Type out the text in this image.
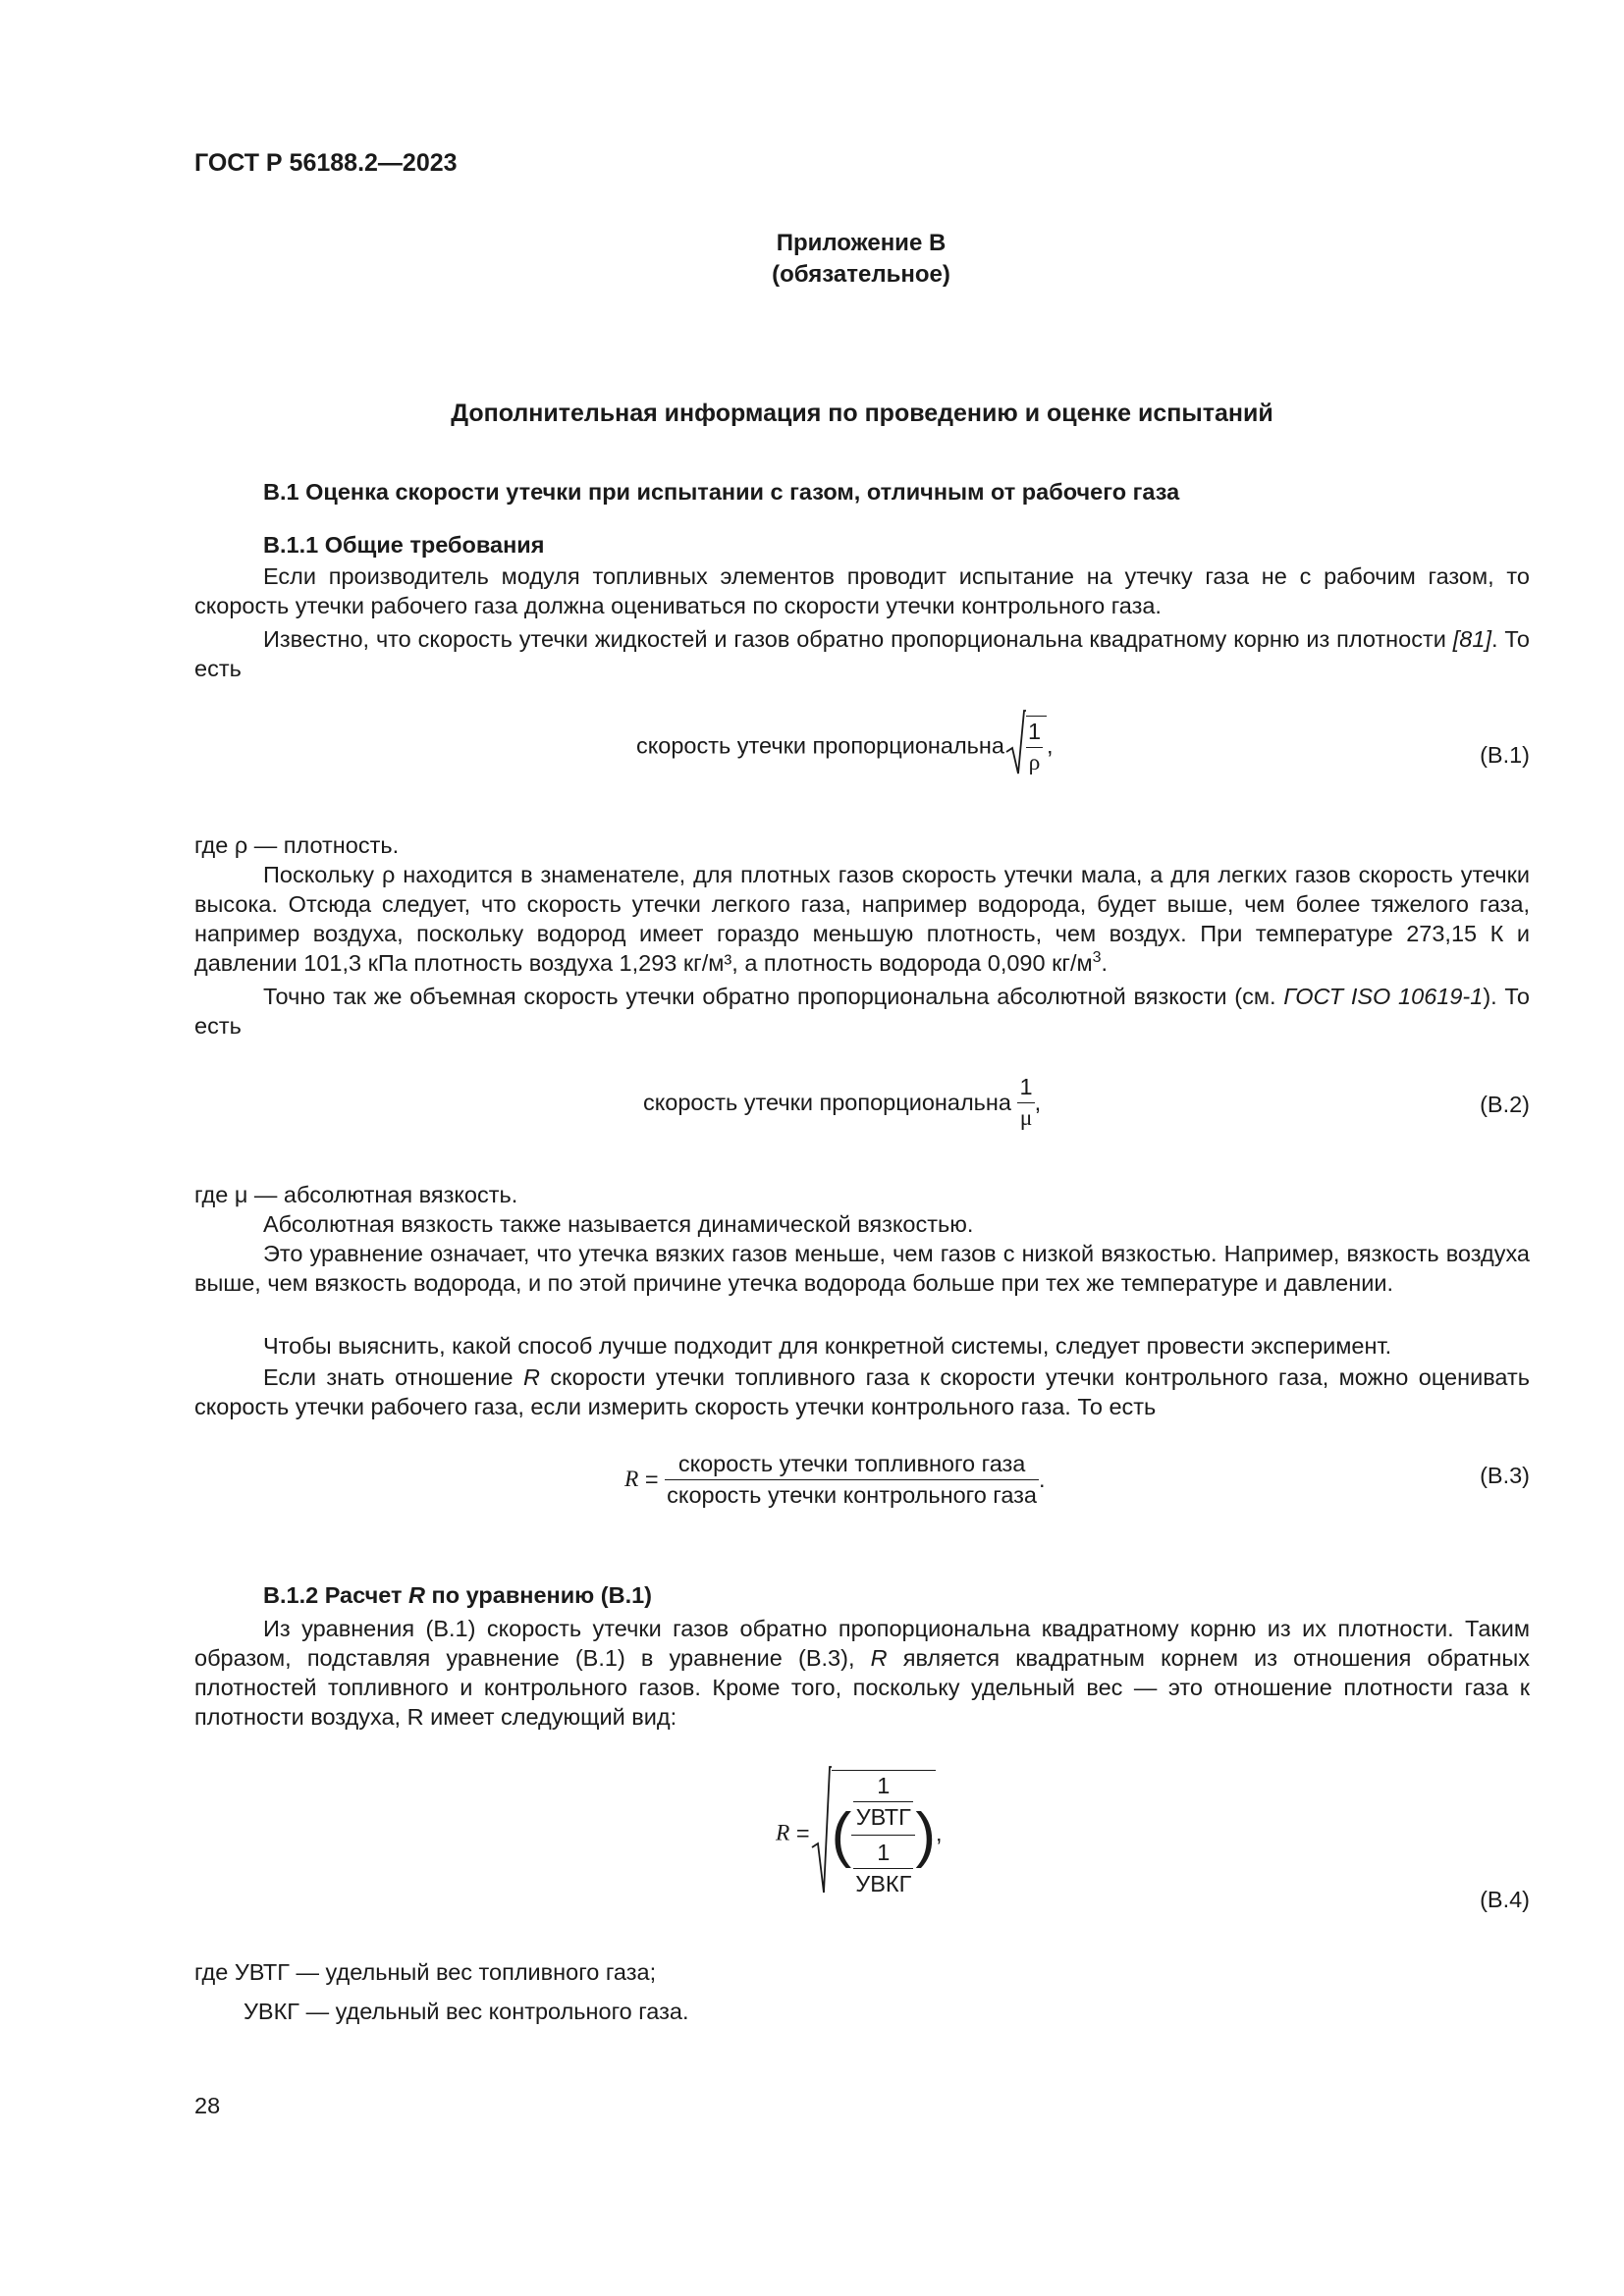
ГОСТ Р 56188.2—2023
Приложение В
(обязательное)
Дополнительная информация по проведению и оценке испытаний
В.1 Оценка скорости утечки при испытании с газом, отличным от рабочего газа
В.1.1 Общие требования
Если производитель модуля топливных элементов проводит испытание на утечку газа не с рабочим газом, то скорость утечки рабочего газа должна оцениваться по скорости утечки контрольного газа.
Известно, что скорость утечки жидкостей и газов обратно пропорциональна квадратному корню из плотности [81]. То есть
скорость утечки пропорциональна $\frac{1}{\rho}$ ,	(В.1)
где ρ — плотность.
Поскольку ρ находится в знаменателе, для плотных газов скорость утечки мала, а для легких газов скорость утечки высока. Отсюда следует, что скорость утечки легкого газа, например водорода, будет выше, чем более тяжелого газа, например воздуха, поскольку водород имеет гораздо меньшую плотность, чем воздух. При температуре 273,15 К и давлении 101,3 кПа плотность воздуха 1,293 кг/м³, а плотность водорода 0,090 $кг/м^3$.
Точно так же объемная скорость утечки обратно пропорциональна абсолютной вязкости (см. ГОСТ ISO 10619-1). То есть
скорость утечки пропорциональна $\frac{1}{\mu}$ ,	(В.2)
где μ — абсолютная вязкость.
Абсолютная вязкость также называется динамической вязкостью.
Это уравнение означает, что утечка вязких газов меньше, чем газов с низкой вязкостью. Например, вязкость воздуха выше, чем вязкость водорода, и по этой причине утечка водорода больше при тех же температуре и давлении.
Чтобы выяснить, какой способ лучше подходит для конкретной системы, следует провести эксперимент.
Если знать отношение R скорости утечки топливного газа к скорости утечки контрольного газа, можно оценивать скорость утечки рабочего газа, если измерить скорость утечки контрольного газа. То есть
$R = \frac{\text{скорость утечки топливного газа}}{\text{скорость утечки контрольного газа}}$ .	(В.3)
В.1.2 Расчет R по уравнению (В.1)
Из уравнения (В.1) скорость утечки газов обратно пропорциональна квадратному корню из их плотности. Таким образом, подставляя уравнение (В.1) в уравнение (В.3), R является квадратным корнем из отношения обратных плотностей топливного и контрольного газов. Кроме того, поскольку удельный вес — это отношение плотности газа к плотности воздуха, R имеет следующий вид:
R = ( 1
УВТГ
1
УВКГ ),
(В.4)
где УВТГ — удельный вес топливного газа;
УВКГ — удельный вес контрольного газа.
28
